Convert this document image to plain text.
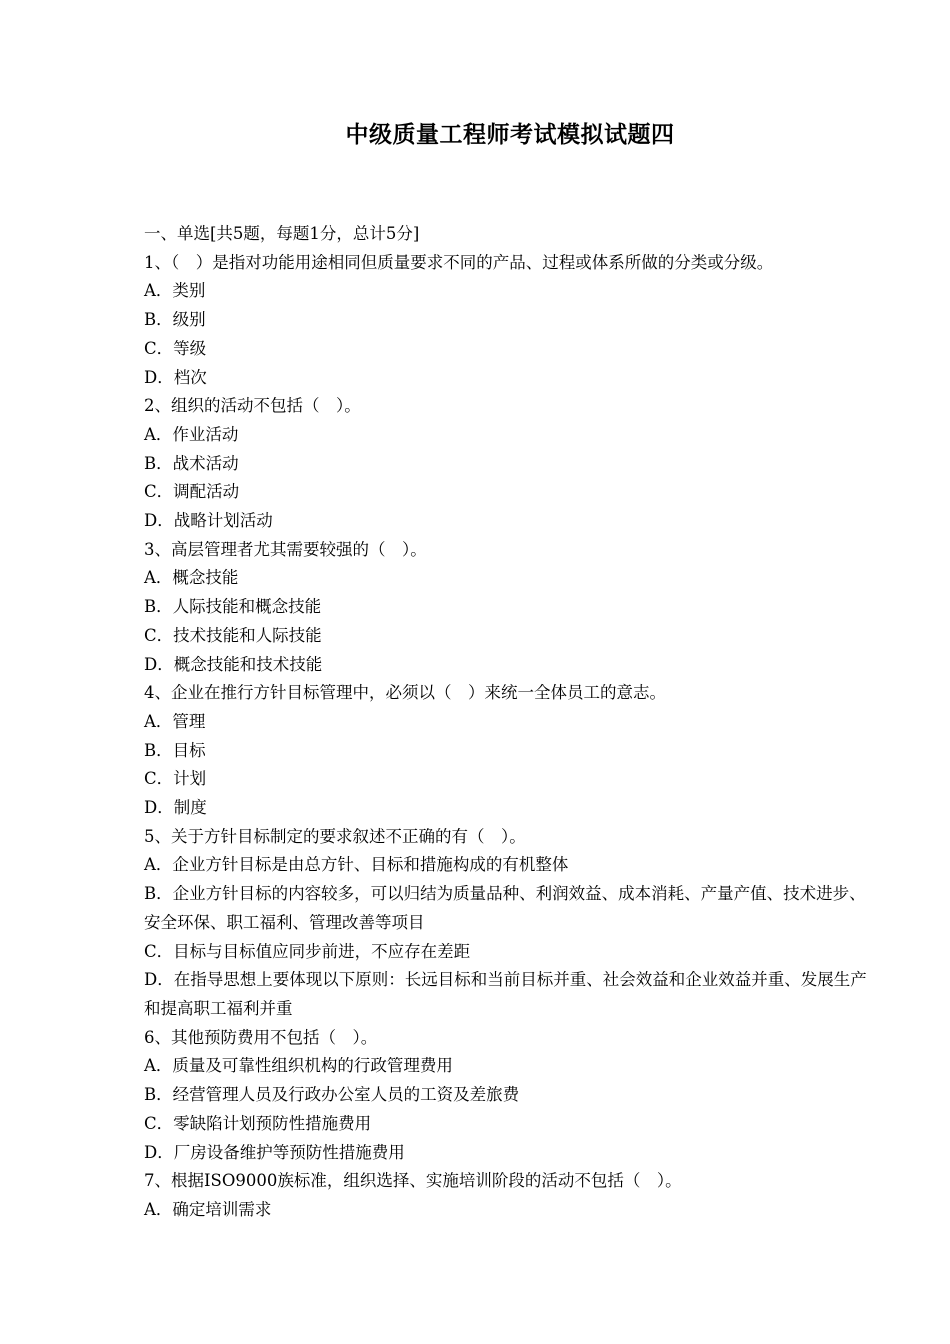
中级质量工程师考试模拟试题四
一、单选[共5题，每题1分，总计5分]
1、（　）是指对功能用途相同但质量要求不同的产品、过程或体系所做的分类或分级。
A．类别
B．级别
C．等级
D．档次
2、组织的活动不包括（　）。
A．作业活动
B．战术活动
C．调配活动
D．战略计划活动
3、高层管理者尤其需要较强的（　）。
A．概念技能
B．人际技能和概念技能
C．技术技能和人际技能
D．概念技能和技术技能
4、企业在推行方针目标管理中，必须以（　）来统一全体员工的意志。
A．管理
B．目标
C．计划
D．制度
5、关于方针目标制定的要求叙述不正确的有（　）。
A．企业方针目标是由总方针、目标和措施构成的有机整体
B．企业方针目标的内容较多，可以归结为质量品种、利润效益、成本消耗、产量产值、技术进步、安全环保、职工福利、管理改善等项目
C．目标与目标值应同步前进，不应存在差距
D．在指导思想上要体现以下原则：长远目标和当前目标并重、社会效益和企业效益并重、发展生产和提高职工福利并重
6、其他预防费用不包括（　）。
A．质量及可靠性组织机构的行政管理费用
B．经营管理人员及行政办公室人员的工资及差旅费
C．零缺陷计划预防性措施费用
D．厂房设备维护等预防性措施费用
7、根据ISO9000族标准，组织选择、实施培训阶段的活动不包括（　）。
A．确定培训需求
